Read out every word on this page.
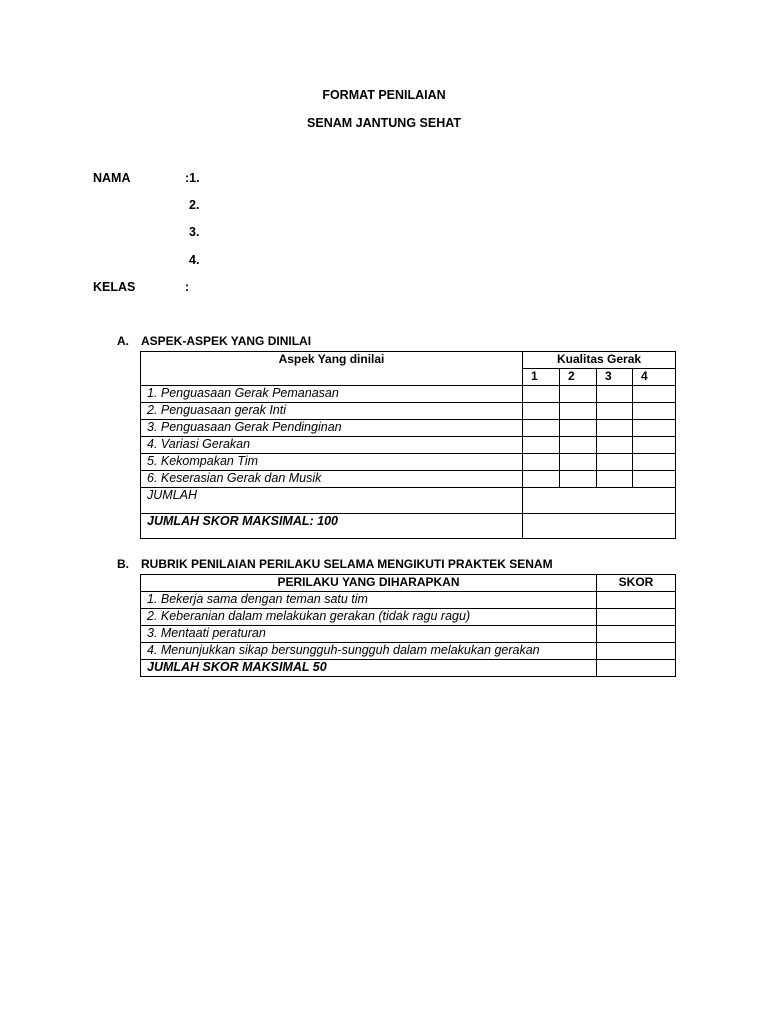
FORMAT PENILAIAN
SENAM JANTUNG SEHAT
NAMA	:1.
2.
3.
4.
KELAS	:
A. ASPEK-ASPEK YANG DINILAI
Aspek Yang dinilai	Kualitas Gerak			
	1	2	3	4
1. Penguasaan Gerak Pemanasan				
2. Penguasaan gerak Inti				
3. Penguasaan Gerak Pendinginan				
4. Variasi Gerakan				
5. Kekompakan Tim				
6. Keserasian Gerak dan Musik				
JUMLAH				
JUMLAH SKOR MAKSIMAL: 100				
B. RUBRIK PENILAIAN PERILAKU SELAMA MENGIKUTI PRAKTEK SENAM
PERILAKU YANG DIHARAPKAN	SKOR
1. Bekerja sama dengan teman satu tim	
2. Keberanian dalam melakukan gerakan (tidak ragu ragu)	
3. Mentaati peraturan	
4. Menunjukkan sikap bersungguh-sungguh dalam melakukan gerakan	
JUMLAH SKOR MAKSIMAL 50	
